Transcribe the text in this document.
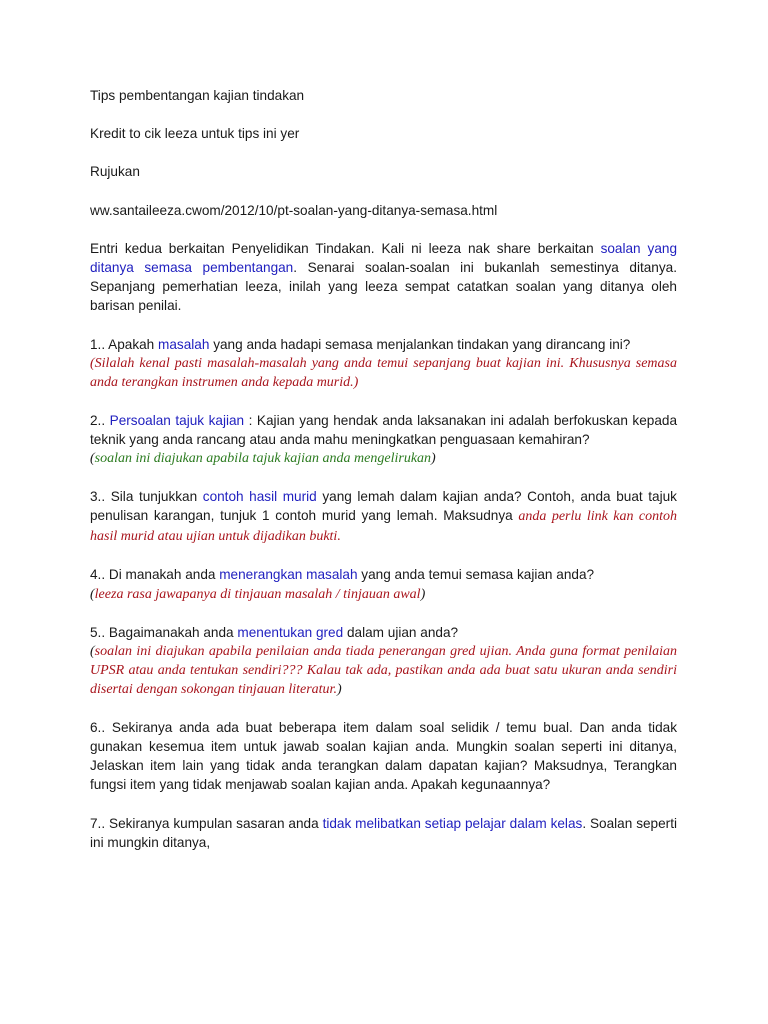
Tips pembentangan kajian tindakan

Kredit to cik leeza untuk tips ini yer

Rujukan

ww.santaileeza.cwom/2012/10/pt-soalan-yang-ditanya-semasa.html

Entri kedua berkaitan Penyelidikan Tindakan. Kali ni leeza nak share berkaitan soalan yang ditanya semasa pembentangan. Senarai soalan-soalan ini bukanlah semestinya ditanya. Sepanjang pemerhatian leeza, inilah yang leeza sempat catatkan soalan yang ditanya oleh barisan penilai.

1.. Apakah masalah yang anda hadapi semasa menjalankan tindakan yang dirancang ini?
(Silalah kenal pasti masalah-masalah yang anda temui sepanjang buat kajian ini. Khususnya semasa anda terangkan instrumen anda kepada murid.)
2.. Persoalan tajuk kajian : Kajian yang hendak anda laksanakan ini adalah berfokuskan kepada teknik yang anda rancang atau anda mahu meningkatkan penguasaan kemahiran?
(soalan ini diajukan apabila tajuk kajian anda mengelirukan)
3.. Sila tunjukkan contoh hasil murid yang lemah dalam kajian anda? Contoh, anda buat tajuk penulisan karangan, tunjuk 1 contoh murid yang lemah. Maksudnya anda perlu link kan contoh hasil murid atau ujian untuk dijadikan bukti.
4.. Di manakah anda menerangkan masalah yang anda temui semasa kajian anda?
(leeza rasa jawapanya di tinjauan masalah / tinjauan awal)
5.. Bagaimanakah anda menentukan gred dalam ujian anda?
(soalan ini diajukan apabila penilaian anda tiada penerangan gred ujian. Anda guna format penilaian UPSR atau anda tentukan sendiri??? Kalau tak ada, pastikan anda ada buat satu ukuran anda sendiri disertai dengan sokongan tinjauan literatur.)

6.. Sekiranya anda ada buat beberapa item dalam soal selidik / temu bual. Dan anda tidak gunakan kesemua item untuk jawab soalan kajian anda. Mungkin soalan seperti ini ditanya, Jelaskan item lain yang tidak anda terangkan dalam dapatan kajian? Maksudnya, Terangkan fungsi item yang tidak menjawab soalan kajian anda. Apakah kegunaannya?

7.. Sekiranya kumpulan sasaran anda tidak melibatkan setiap pelajar dalam kelas. Soalan seperti ini mungkin ditanya,
